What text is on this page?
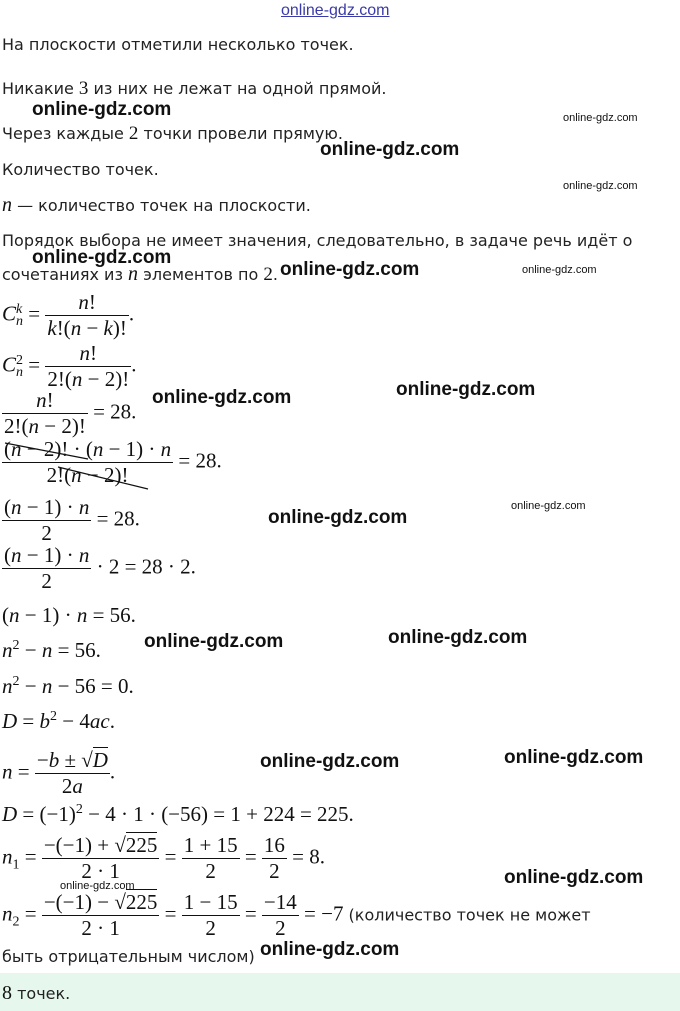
online-gdz.com
На плоскости отметили несколько точек.
Никакие 3 из них не лежат на одной прямой.
Через каждые 2 точки провели прямую.
Количество точек.
n — количество точек на плоскости.
Порядок выбора не имеет значения, следовательно, в задаче речь идёт о
сочетаниях из n элементов по 2.
C k
$n = \frac{n!}{k!(n - k)!}$ .
C 2
$n = \frac{n!}{2!(n - 2)!}$ .
$\frac{n!}{2!(n - 2)!} = 28$.
$\frac{(n - 2)! \cdot (n - 1) \cdot n}{2!(n - 2)!} = 28$.
$\frac{(n - 1) \cdot n}{2} = 28$.
$\frac{(n - 1) \cdot n}{2} \cdot 2 = 28 \cdot 2$.
(n − 1) · n = 56.
$n^2 - n = 56$.
$n^2 - n - 56 = 0$.
$D = b^2 - 4ac$.
$n = \frac{-b \pm √D}{2a}$ .
$D = (-1)^2 - 4 \cdot 1 \cdot (-56) = 1 + 224 = 225$.
$n_1 = \frac{-(-1) + √225}{2 \cdot 1} = \frac{1 + 15}{2} = \frac{16}{2} = 8$.
$n_2 = \frac{-(-1) - √225}{2 \cdot 1} = \frac{1 - 15}{2} = \frac{-14}{2} = -7$ (количество точек не может
быть отрицательным числом)
8 точек.
online-gdz.com	online-gdz.com
online-gdz.com
online-gdz.com
online-gdz.com
online-gdz.com	online-gdz.com
online-gdz.com
online-gdz.com
online-gdz.com
online-gdz.com
online-gdz.com
online-gdz.com
online-gdz.com
online-gdz.com
online-gdz.com
online-gdz.com
online-gdz.com
